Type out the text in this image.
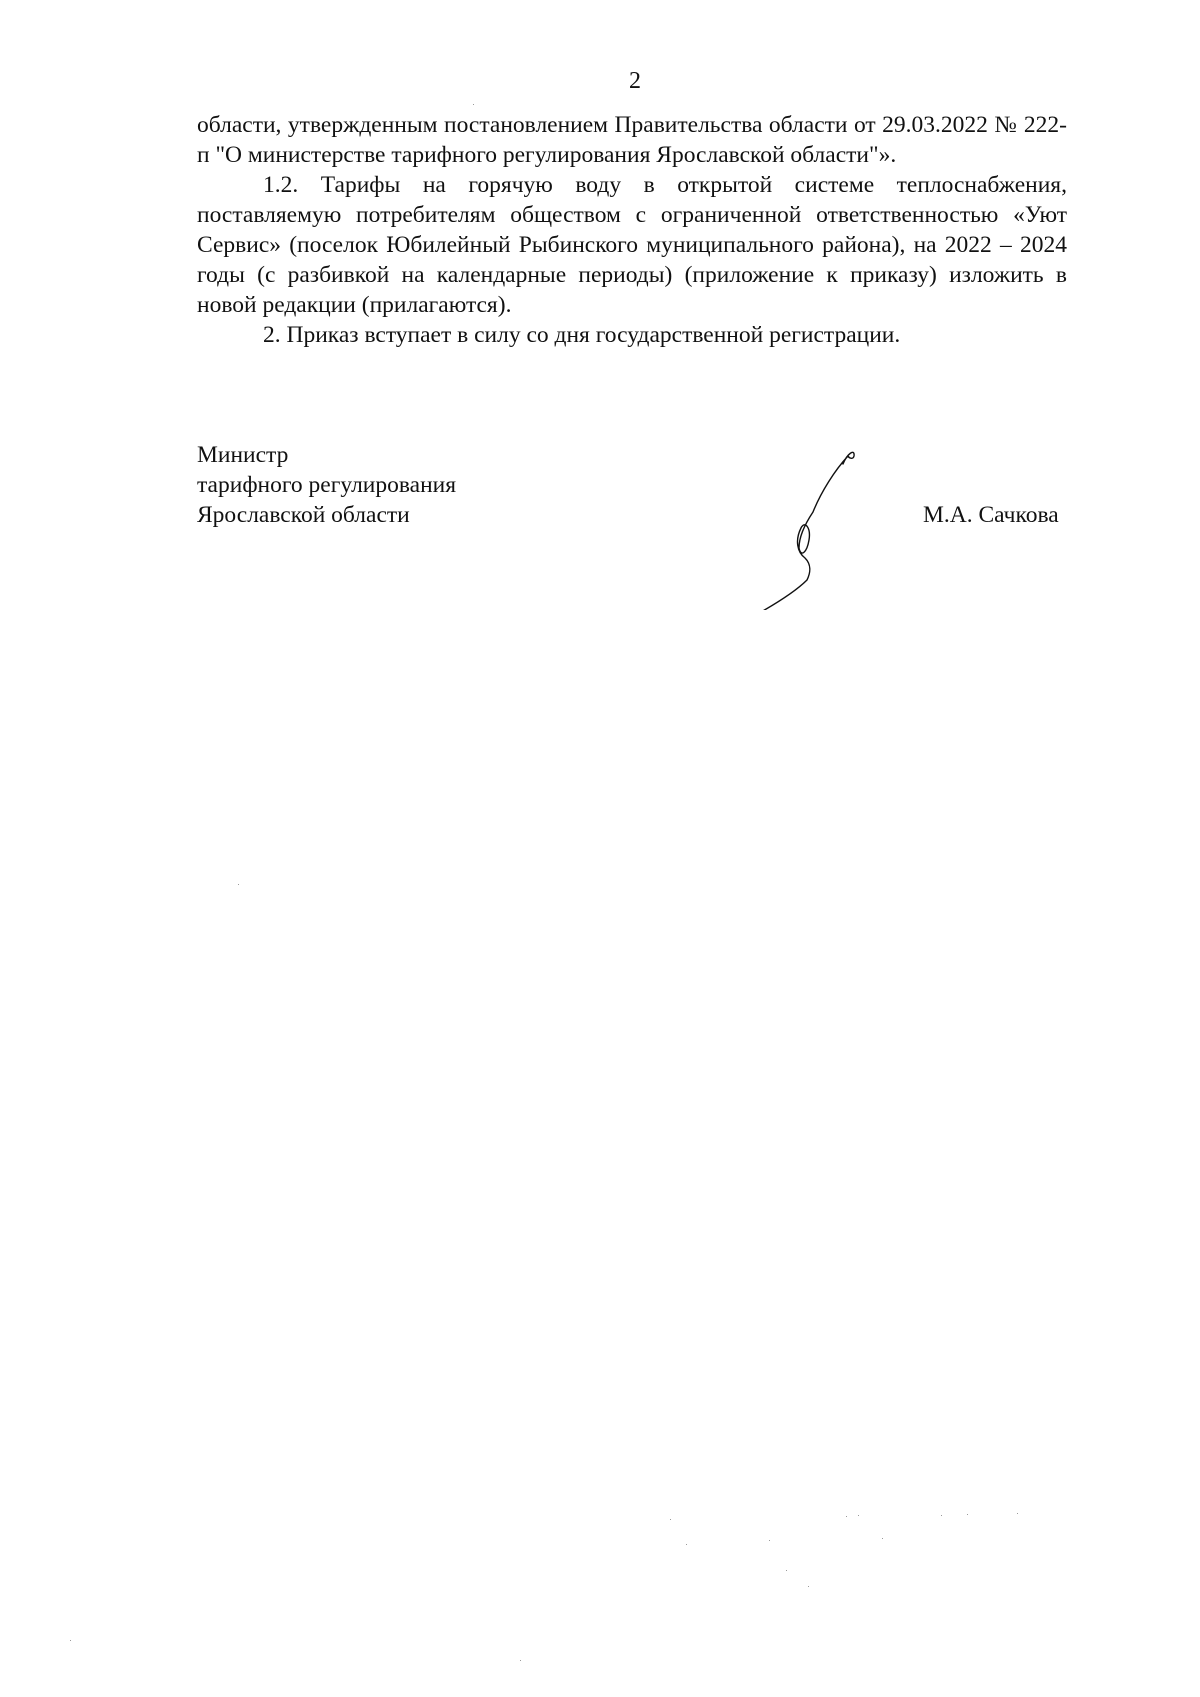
2

области, утвержденным постановлением Правительства области от 29.03.2022 № 222-п "О министерстве тарифного регулирования Ярославской области"».

1.2. Тарифы на горячую воду в открытой системе теплоснабжения, поставляемую потребителям обществом с ограниченной ответственностью «Уют Сервис» (поселок Юбилейный Рыбинского муниципального района), на 2022 – 2024 годы (с разбивкой на календарные периоды) (приложение к приказу) изложить в новой редакции (прилагаются).

2. Приказ вступает в силу со дня государственной регистрации.

Министр
тарифного регулирования
Ярославской области	М.А. Сачкова
